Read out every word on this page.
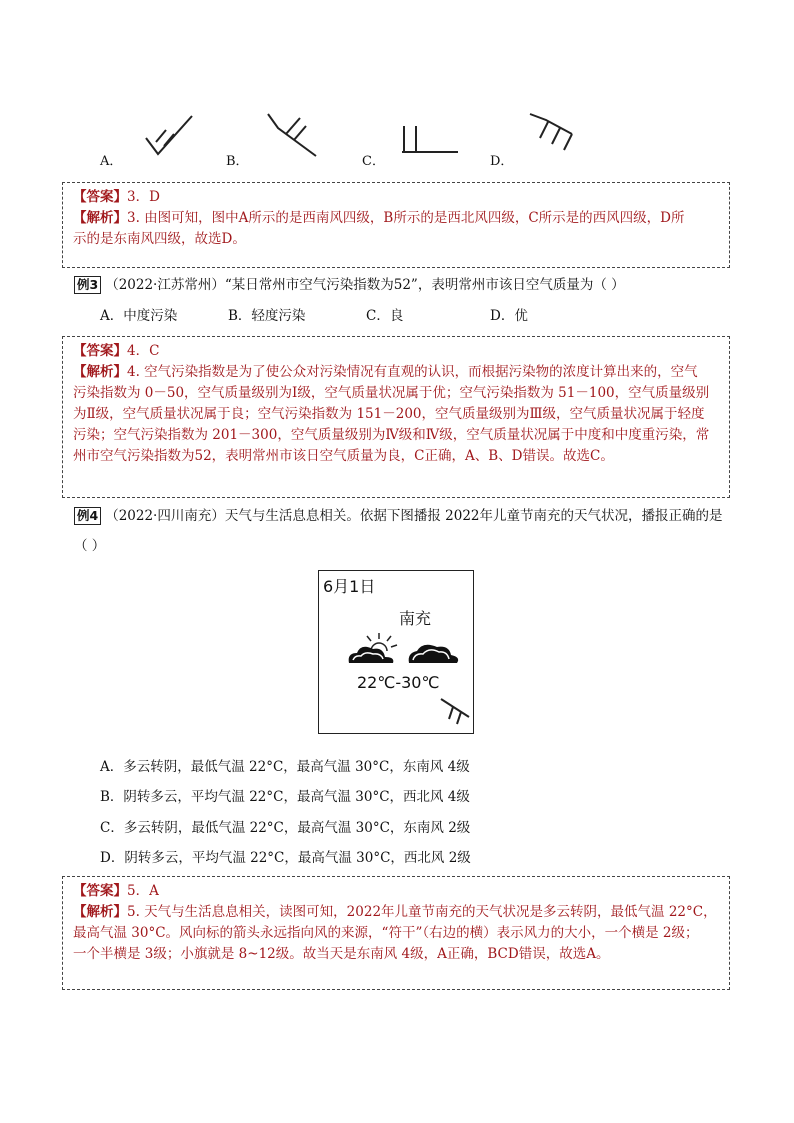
A．	B．	C．	D．

【答案】3．D

【解析】3. 由图可知，图中A所示的是西南风四级，B所示的是西北风四级，C所示是的西风四级，D所

示的是东南风四级，故选D。

例3 （2022·江苏常州）“某日常州市空气污染指数为52”，表明常州市该日空气质量为（ ）
A．中度污染	B．轻度污染	C．良	D．优

【答案】4．C

【解析】4. 空气污染指数是为了使公众对污染情况有直观的认识，而根据污染物的浓度计算出来的，空气

污染指数为 0－50，空气质量级别为Ⅰ级，空气质量状况属于优；空气污染指数为 51－100，空气质量级别

为Ⅱ级，空气质量状况属于良；空气污染指数为 151－200，空气质量级别为Ⅲ级，空气质量状况属于轻度

污染；空气污染指数为 201－300，空气质量级别为Ⅳ级和Ⅳ级，空气质量状况属于中度和中度重污染，常

州市空气污染指数为52，表明常州市该日空气质量为良，C正确，A、B、D错误。故选C。

例4 （2022·四川南充）天气与生活息息相关。依据下图播报 2022年儿童节南充的天气状况，播报正确的是
（ ）
6月1日
南充
22℃-30℃
A．多云转阴，最低气温 22°C，最高气温 30°C，东南风 4级
B．阴转多云，平均气温 22°C，最高气温 30°C，西北风 4级
C．多云转阴，最低气温 22°C，最高气温 30°C，东南风 2级
D．阴转多云，平均气温 22°C，最高气温 30°C，西北风 2级

【答案】5．A

【解析】5. 天气与生活息息相关，读图可知，2022年儿童节南充的天气状况是多云转阴，最低气温 22°C，

最高气温 30°C。风向标的箭头永远指向风的来源，“符干”（右边的横）表示风力的大小，一个横是 2级；

一个半横是 3级；小旗就是 8~12级。故当天是东南风 4级，A正确，BCD错误，故选A。
